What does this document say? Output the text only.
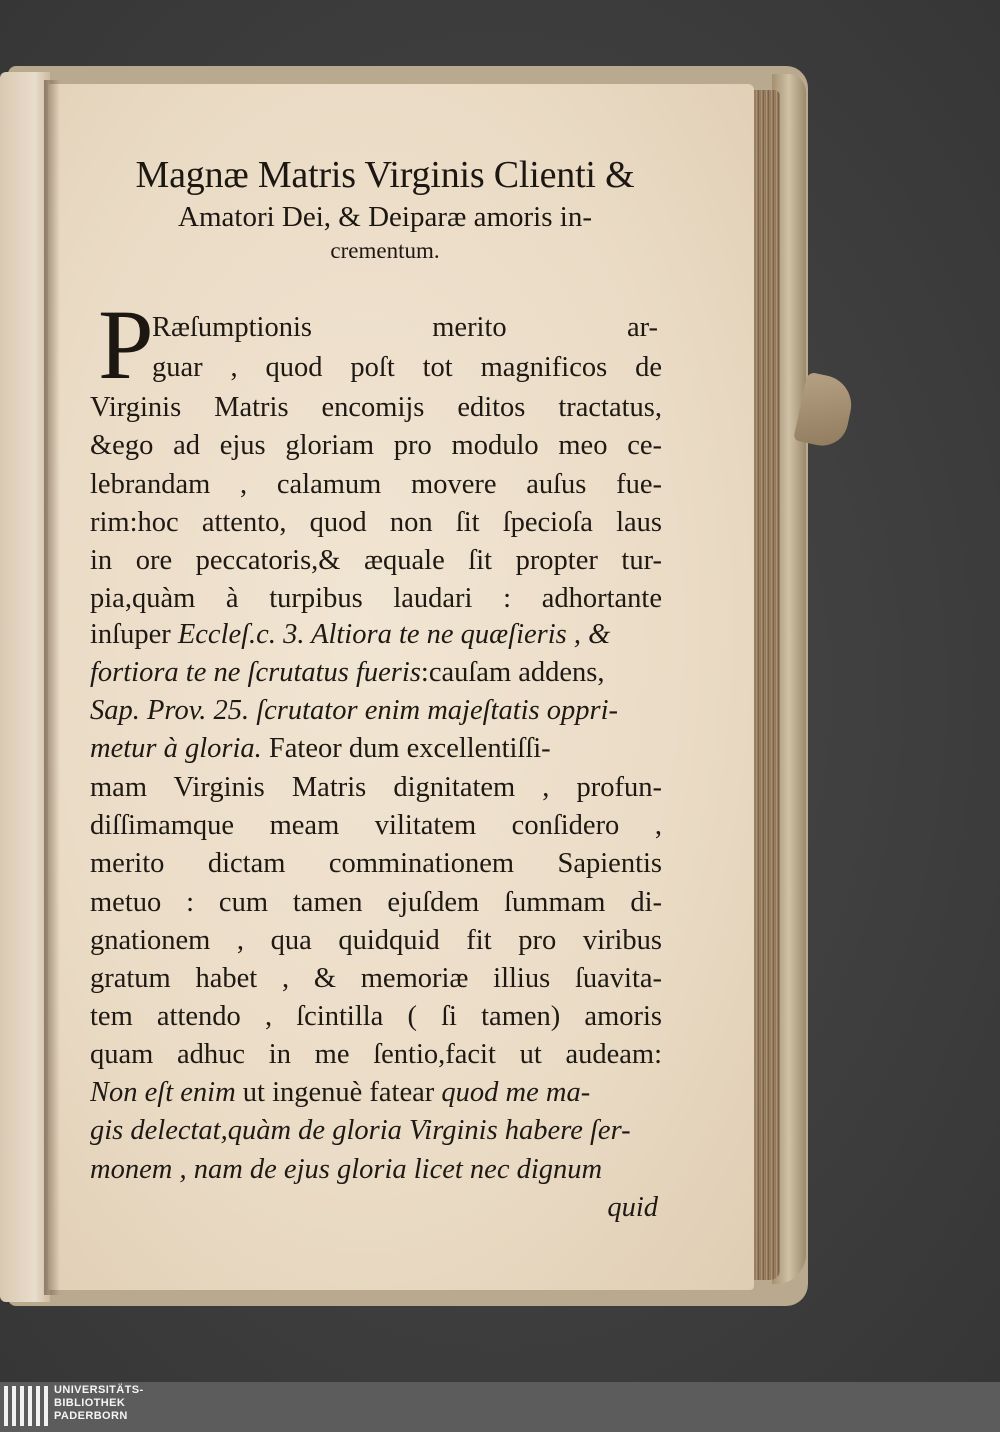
Magnæ Matris Virginis Clienti &
Amatori Dei, & Deiparæ amoris in-
crementum.
P
Ræſumptionis merito ar-
guar , quod poſt tot magnificos de
Virginis Matris encomijs editos tractatus,
&ego ad ejus gloriam pro modulo meo ce-
lebrandam , calamum movere auſus fue-
rim:hoc attento, quod non ſit ſpecioſa laus
in ore peccatoris,& æquale ſit propter tur-
pia,quàm à turpibus laudari : adhortante
inſuper Eccleſ.c. 3. Altiora te ne quæſieris , &
fortiora te ne ſcrutatus fueris:cauſam addens,
Sap. Prov. 25. ſcrutator enim majeſtatis oppri-
metur à gloria. Fateor dum excellentiſſi-
mam Virginis Matris dignitatem , profun-
diſſimamque meam vilitatem conſidero ,
merito dictam comminationem Sapientis
metuo : cum tamen ejuſdem ſummam di-
gnationem , qua quidquid fit pro viribus
gratum habet , & memoriæ illius ſuavita-
tem attendo , ſcintilla ( ſi tamen) amoris
quam adhuc in me ſentio,facit ut audeam:
Non eſt enim ut ingenuè fatear quod me ma-
gis delectat,quàm de gloria Virginis habere ſer-
monem , nam de ejus gloria licet nec dignum
quid
UNIVERSITÄTS-
BIBLIOTHEK
PADERBORN
